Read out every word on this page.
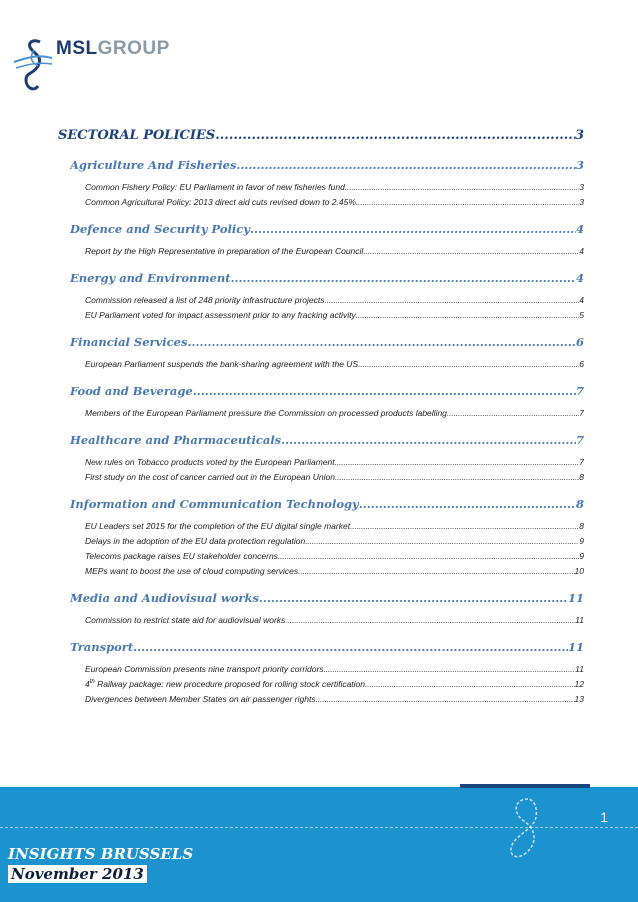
MSLGROUP
SECTORAL POLICIES .....	3
Agriculture And Fisheries .....	3
Common Fishery Policy: EU Parliament in favor of new fisheries fund .....	3
Common Agricultural Policy: 2013 direct aid cuts revised down to 2.45% .....	3
Defence and Security Policy .....	4
Report by the High Representative in preparation of the European Council .....	4
Energy and Environment .....	4
Commission released a list of 248 priority infrastructure projects .....	4
EU Parliament voted for impact assessment prior to any fracking activity .....	5
Financial Services .....	6
European Parliament suspends the bank-sharing agreement with the US .....	6
Food and Beverage .....	7
Members of the European Parliament pressure the Commission on processed products labelling .....	7
Healthcare and Pharmaceuticals .....	7
New rules on Tobacco products voted by the European Parliament .....	7
First study on the cost of cancer carried out in the European Union .....	8
Information and Communication Technology .....	8
EU Leaders set 2015 for the completion of the EU digital single market .....	8
Delays in the adoption of the EU data protection regulation .....	9
Telecoms package raises EU stakeholder concerns .....	9
MEPs want to boost the use of cloud computing services .....	10
Media and Audiovisual works .....	11
Commission to restrict state aid for audiovisual works .....	11
Transport .....	11
European Commission presents nine transport priority corridors .....	11
4th Railway package: new procedure proposed for rolling stock certification .....	12
Divergences between Member States on air passenger rights .....	13
1
INSIGHTS BRUSSELS
November 2013
